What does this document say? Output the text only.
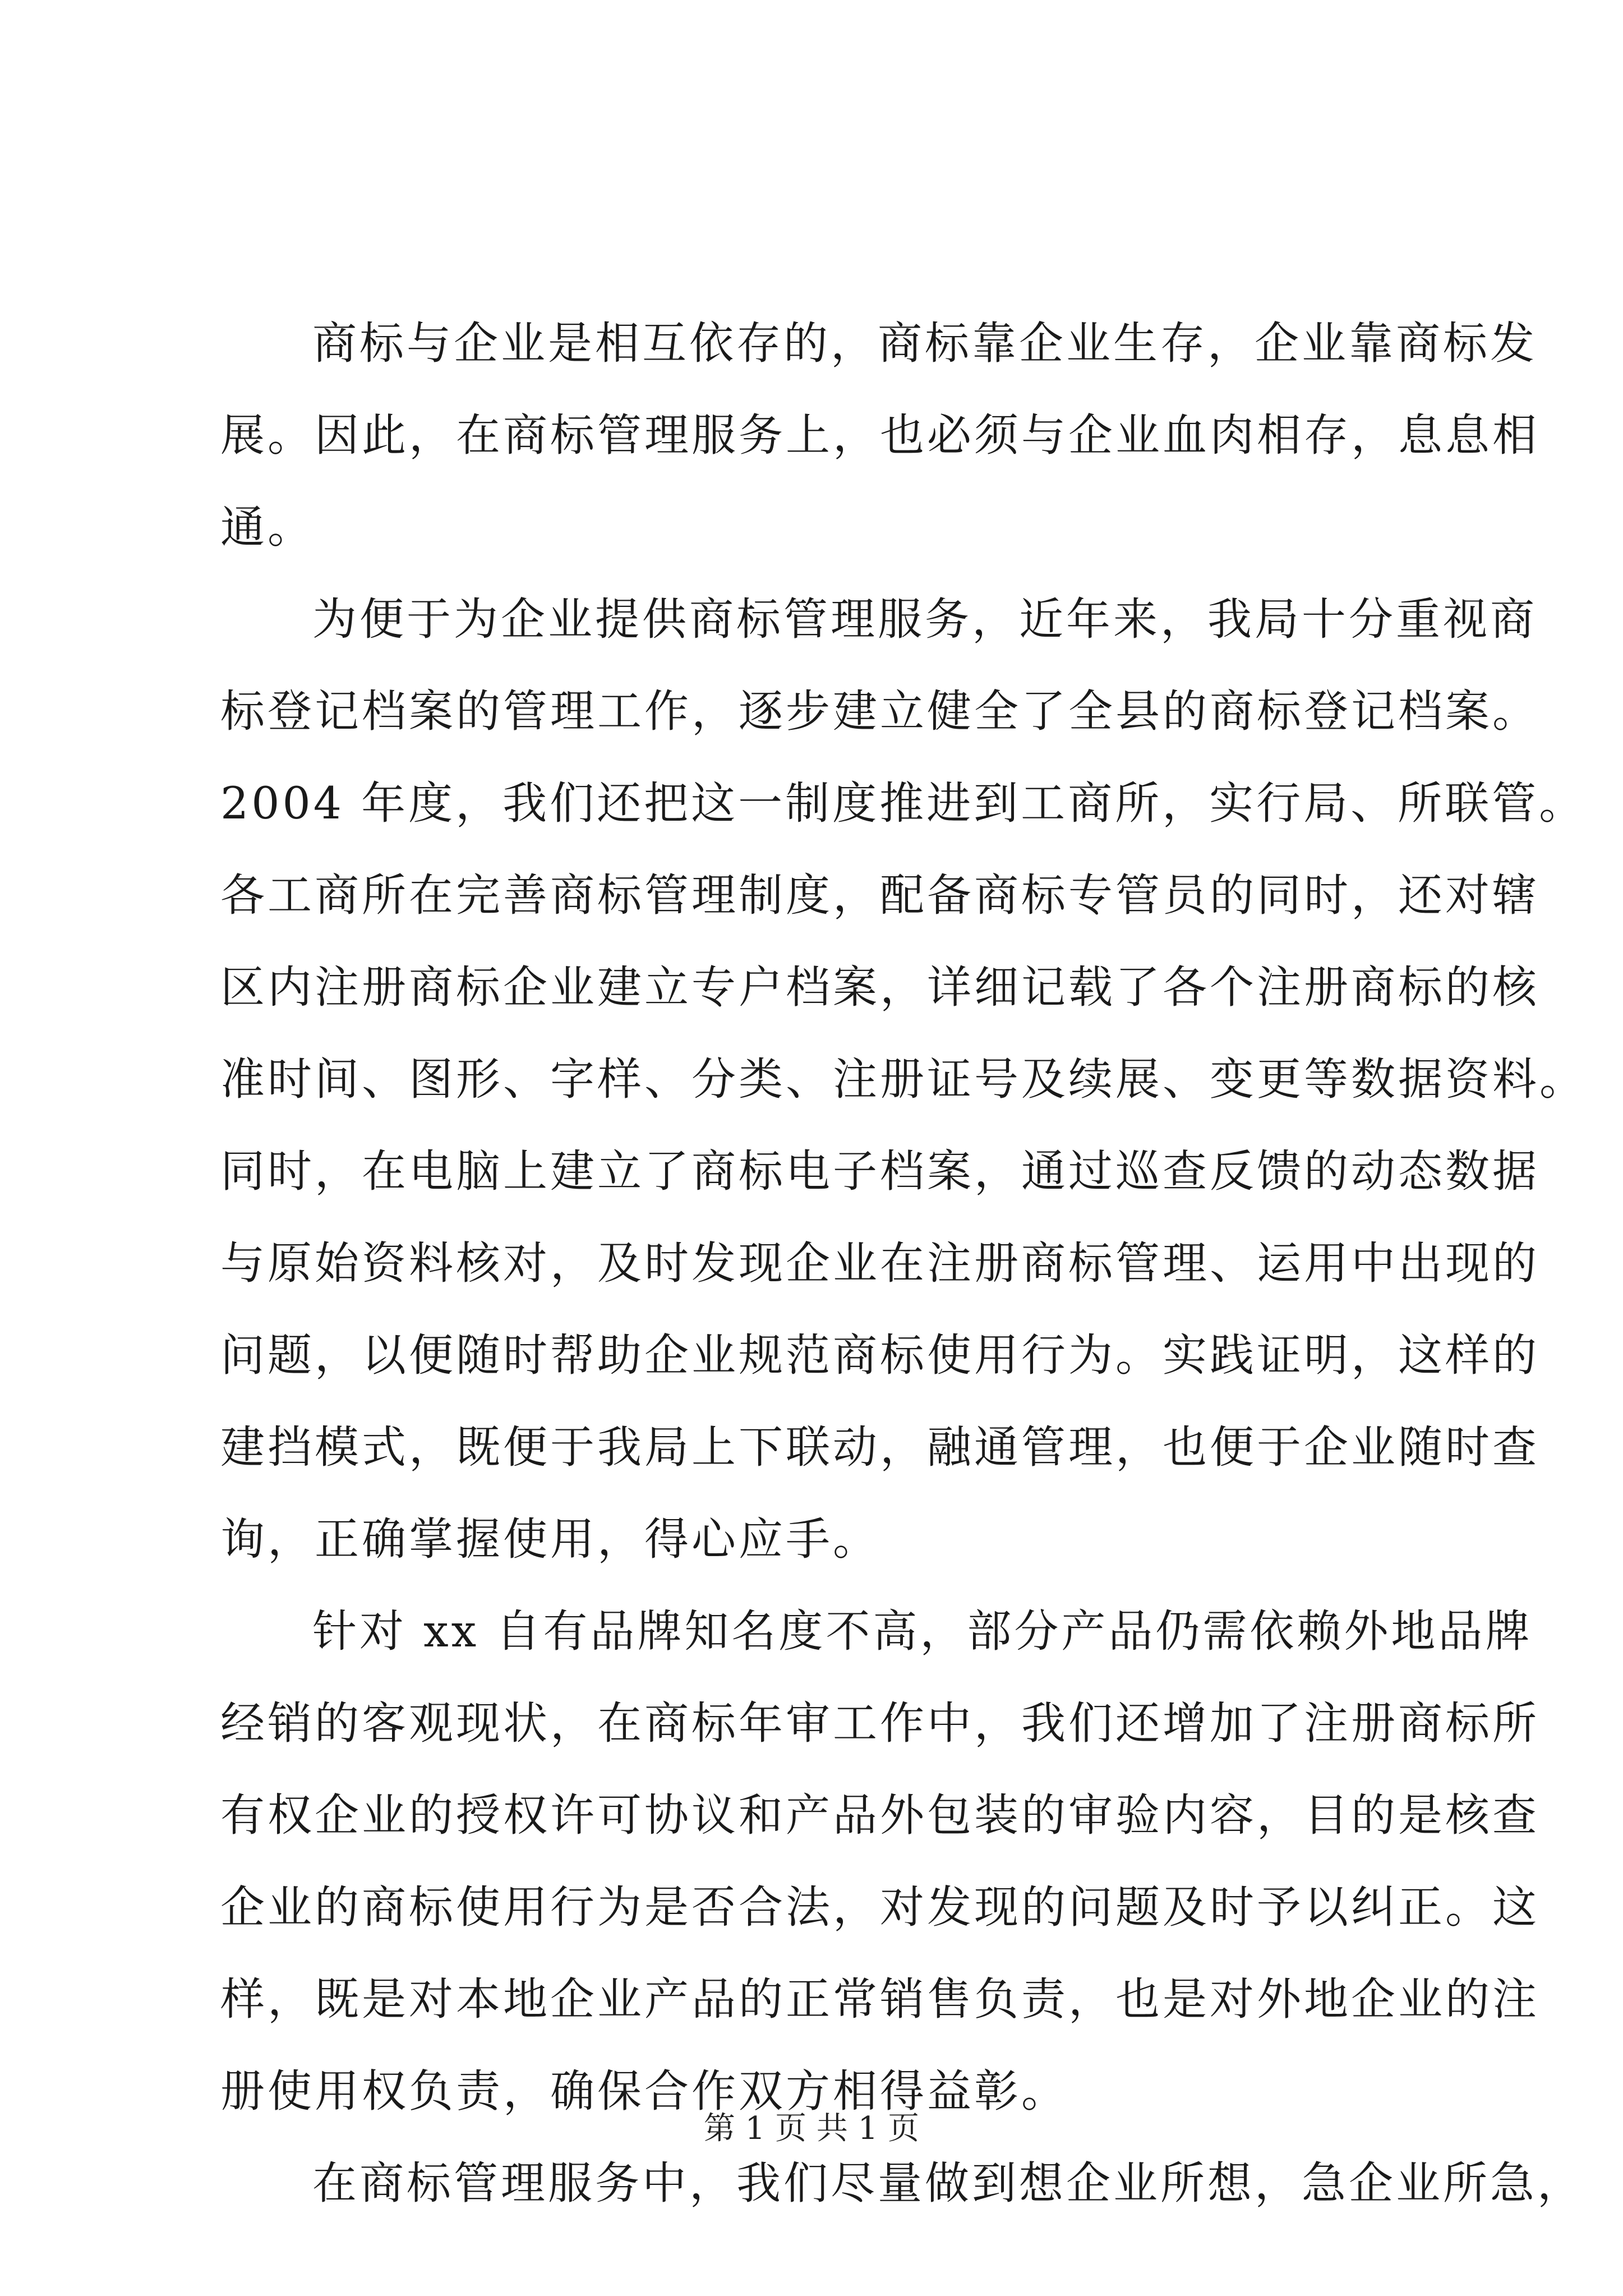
商标与企业是相互依存的，商标靠企业生存，企业靠商标发
展。因此，在商标管理服务上，也必须与企业血肉相存，息息相
通。
为便于为企业提供商标管理服务，近年来，我局十分重视商
标登记档案的管理工作，逐步建立健全了全县的商标登记档案。
2004 年度，我们还把这一制度推进到工商所，实行局、所联管。
各工商所在完善商标管理制度，配备商标专管员的同时，还对辖
区内注册商标企业建立专户档案，详细记载了各个注册商标的核
准时间、图形、字样、分类、注册证号及续展、变更等数据资料。
同时，在电脑上建立了商标电子档案，通过巡查反馈的动态数据
与原始资料核对，及时发现企业在注册商标管理、运用中出现的
问题，以便随时帮助企业规范商标使用行为。实践证明，这样的
建挡模式，既便于我局上下联动，融通管理，也便于企业随时查
询，正确掌握使用，得心应手。
针对 xx 自有品牌知名度不高，部分产品仍需依赖外地品牌
经销的客观现状，在商标年审工作中，我们还增加了注册商标所
有权企业的授权许可协议和产品外包装的审验内容，目的是核查
企业的商标使用行为是否合法，对发现的问题及时予以纠正。这
样，既是对本地企业产品的正常销售负责，也是对外地企业的注
册使用权负责，确保合作双方相得益彰。
在商标管理服务中，我们尽量做到想企业所想，急企业所急，
第 1 页 共 1 页
